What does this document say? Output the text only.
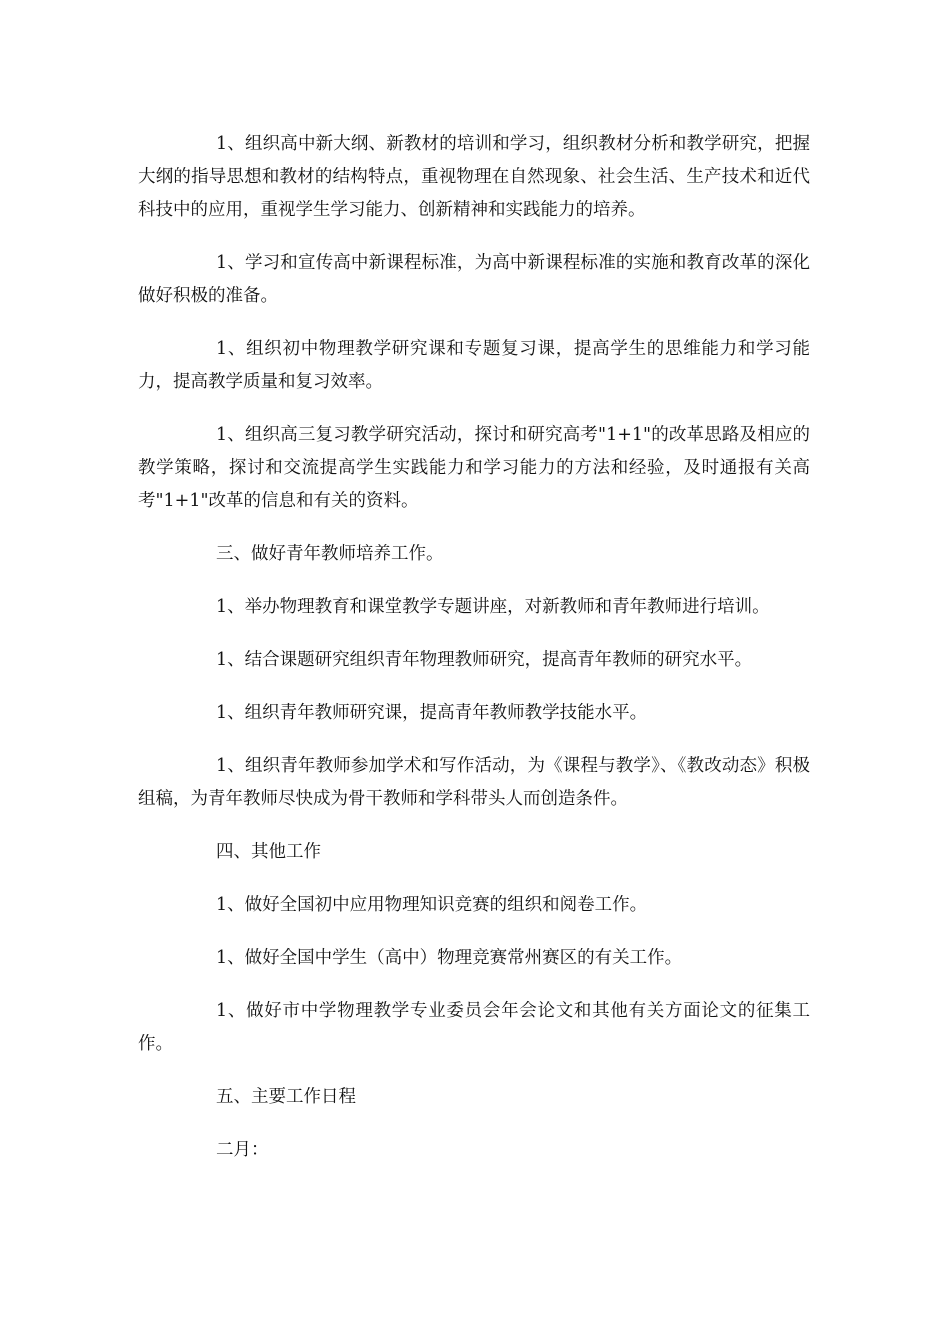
1、组织高中新大纲、新教材的培训和学习，组织教材分析和教学研究，把握大纲的指导思想和教材的结构特点，重视物理在自然现象、社会生活、生产技术和近代科技中的应用，重视学生学习能力、创新精神和实践能力的培养。

1、学习和宣传高中新课程标准，为高中新课程标准的实施和教育改革的深化做好积极的准备。

1、组织初中物理教学研究课和专题复习课，提高学生的思维能力和学习能力，提高教学质量和复习效率。

1、组织高三复习教学研究活动，探讨和研究高考"1+1"的改革思路及相应的教学策略，探讨和交流提高学生实践能力和学习能力的方法和经验，及时通报有关高考"1+1"改革的信息和有关的资料。

三、做好青年教师培养工作。

1、举办物理教育和课堂教学专题讲座，对新教师和青年教师进行培训。

1、结合课题研究组织青年物理教师研究，提高青年教师的研究水平。

1、组织青年教师研究课，提高青年教师教学技能水平。

1、组织青年教师参加学术和写作活动，为《课程与教学》、《教改动态》积极组稿，为青年教师尽快成为骨干教师和学科带头人而创造条件。

四、其他工作

1、做好全国初中应用物理知识竞赛的组织和阅卷工作。

1、做好全国中学生（高中）物理竞赛常州赛区的有关工作。

1、做好市中学物理教学专业委员会年会论文和其他有关方面论文的征集工作。

五、主要工作日程

二月：
